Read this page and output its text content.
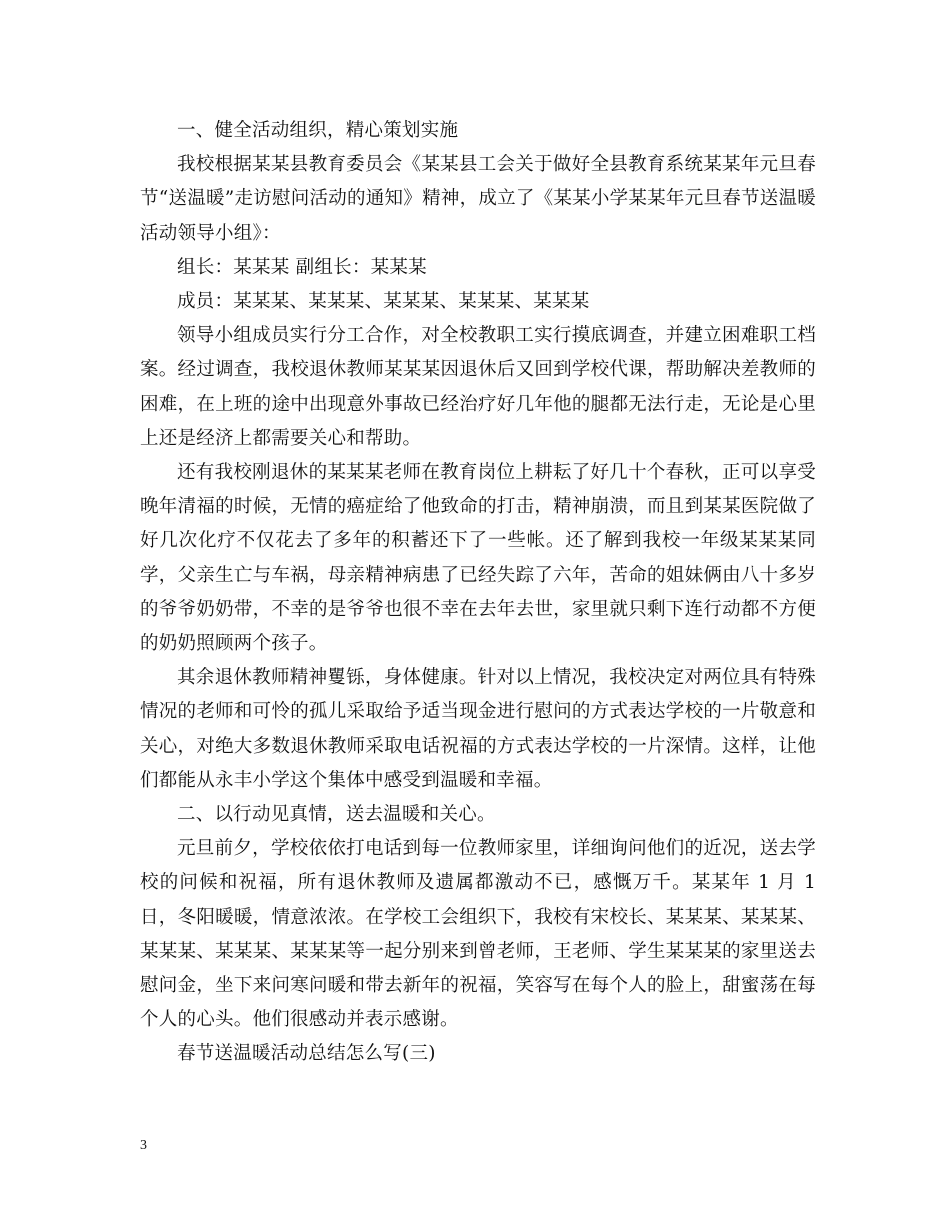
一、健全活动组织，精心策划实施

我校根据某某县教育委员会《某某县工会关于做好全县教育系统某某年元旦春节“送温暖”走访慰问活动的通知》精神，成立了《某某小学某某年元旦春节送温暖活动领导小组》：

组长：某某某 副组长：某某某

成员：某某某、某某某、某某某、某某某、某某某

领导小组成员实行分工合作，对全校教职工实行摸底调查，并建立困难职工档案。经过调查，我校退休教师某某某因退休后又回到学校代课，帮助解决差教师的困难，在上班的途中出现意外事故已经治疗好几年他的腿都无法行走，无论是心里上还是经济上都需要关心和帮助。

还有我校刚退休的某某某老师在教育岗位上耕耘了好几十个春秋，正可以享受晚年清福的时候，无情的癌症给了他致命的打击，精神崩溃，而且到某某医院做了好几次化疗不仅花去了多年的积蓄还下了一些帐。还了解到我校一年级某某某同学，父亲生亡与车祸，母亲精神病患了已经失踪了六年，苦命的姐妹俩由八十多岁的爷爷奶奶带，不幸的是爷爷也很不幸在去年去世，家里就只剩下连行动都不方便的奶奶照顾两个孩子。

其余退休教师精神矍铄，身体健康。针对以上情况，我校决定对两位具有特殊情况的老师和可怜的孤儿采取给予适当现金进行慰问的方式表达学校的一片敬意和关心，对绝大多数退休教师采取电话祝福的方式表达学校的一片深情。这样，让他们都能从永丰小学这个集体中感受到温暖和幸福。

二、以行动见真情，送去温暖和关心。

元旦前夕，学校依依打电话到每一位教师家里，详细询问他们的近况，送去学校的问候和祝福，所有退休教师及遗属都激动不已，感慨万千。某某年 1 月 1 日，冬阳暖暖，情意浓浓。在学校工会组织下，我校有宋校长、某某某、某某某、某某某、某某某、某某某等一起分别来到曾老师，王老师、学生某某某的家里送去慰问金，坐下来问寒问暖和带去新年的祝福，笑容写在每个人的脸上，甜蜜荡在每个人的心头。他们很感动并表示感谢。

春节送温暖活动总结怎么写(三)

3
